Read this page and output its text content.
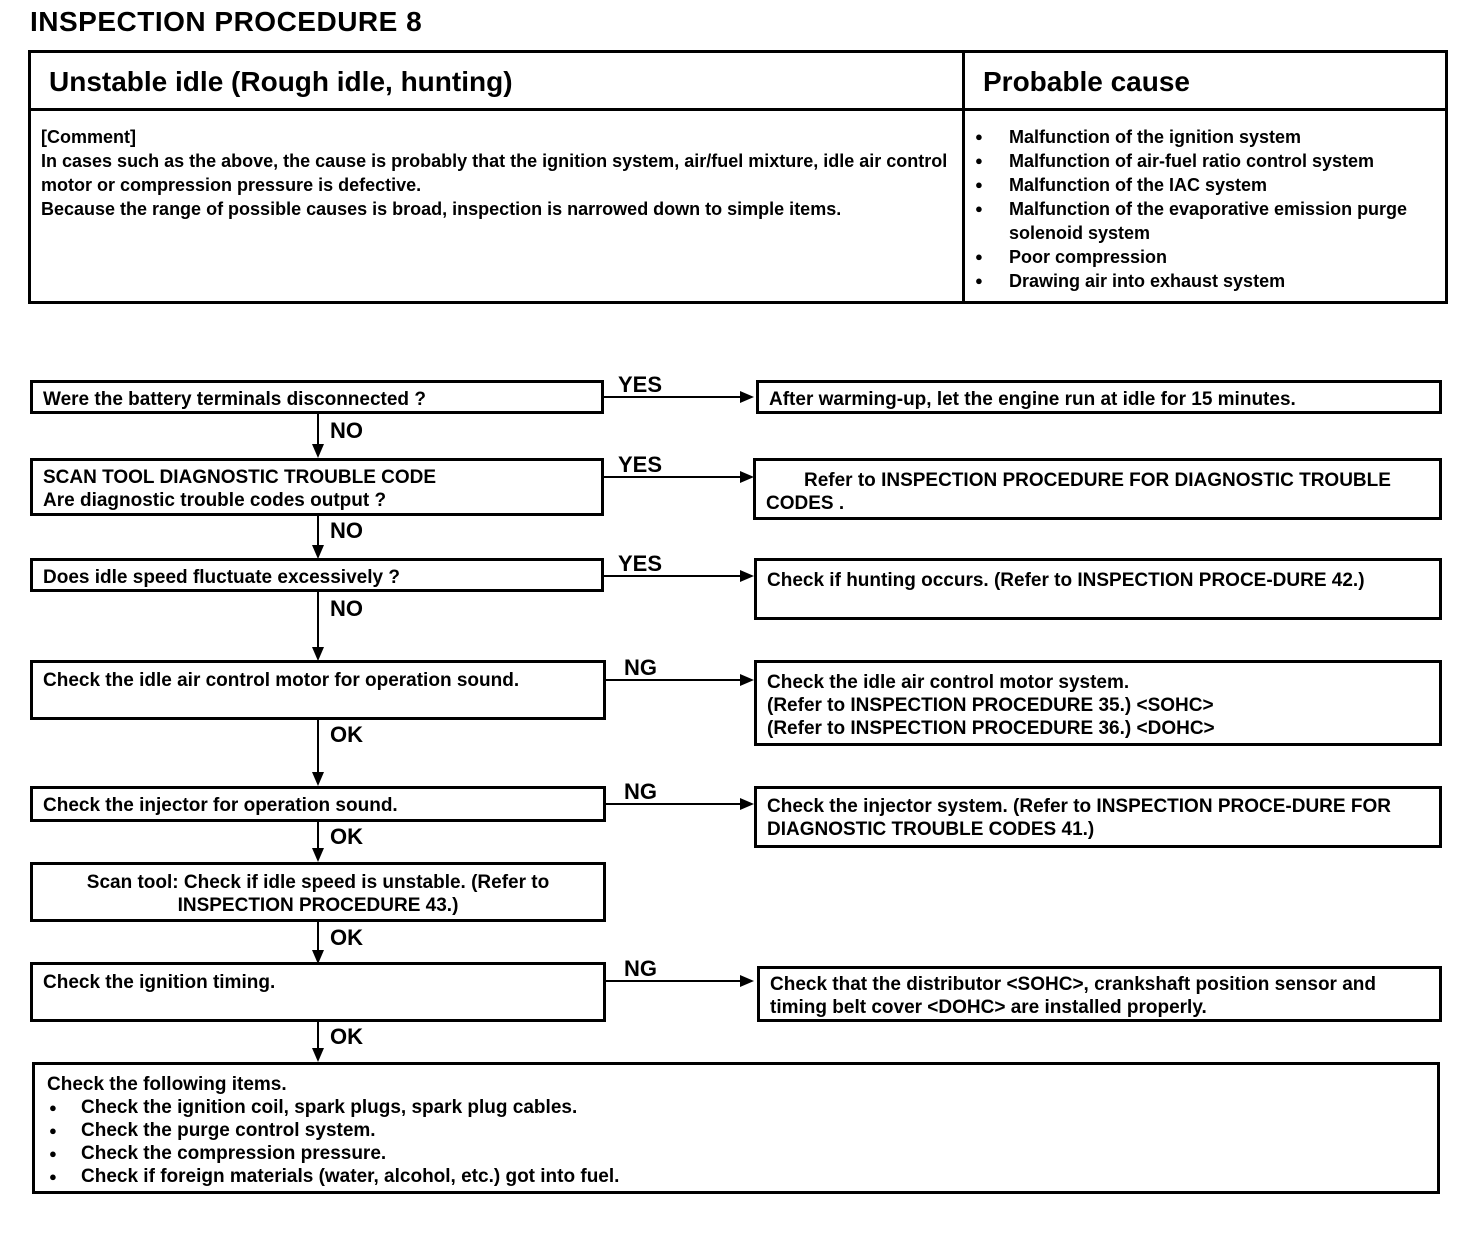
INSPECTION PROCEDURE 8
Unstable idle (Rough idle, hunting)	Probable cause
[Comment]
In cases such as the above, the cause is probably that the ignition system, air/fuel mixture, idle air control motor or compression pressure is defective.
Because the range of possible causes is broad, inspection is narrowed down to simple items.
● Malfunction of the ignition system
● Malfunction of air-fuel ratio control system
● Malfunction of the IAC system
● Malfunction of the evaporative emission purge solenoid system
● Poor compression
● Drawing air into exhaust system
Were the battery terminals disconnected ?
YES
After warming-up, let the engine run at idle for 15 minutes.
NO
SCAN TOOL DIAGNOSTIC TROUBLE CODE
Are diagnostic trouble codes output ?
YES
Refer to INSPECTION PROCEDURE FOR DIAGNOSTIC TROUBLE CODES .
NO
Does idle speed fluctuate excessively ?
YES
Check if hunting occurs. (Refer to INSPECTION PROCE-DURE 42.)
NO
Check the idle air control motor for operation sound.
NG
Check the idle air control motor system.
(Refer to INSPECTION PROCEDURE 35.) <SOHC>
(Refer to INSPECTION PROCEDURE 36.) <DOHC>
OK
Check the injector for operation sound.
NG
Check the injector system. (Refer to INSPECTION PROCE-DURE FOR DIAGNOSTIC TROUBLE CODES 41.)
OK
Scan tool: Check if idle speed is unstable. (Refer to
INSPECTION PROCEDURE 43.)
OK
Check the ignition timing.
NG
Check that the distributor <SOHC>, crankshaft position sensor and timing belt cover <DOHC> are installed properly.
OK
Check the following items.
● Check the ignition coil, spark plugs, spark plug cables.
● Check the purge control system.
● Check the compression pressure.
● Check if foreign materials (water, alcohol, etc.) got into fuel.
